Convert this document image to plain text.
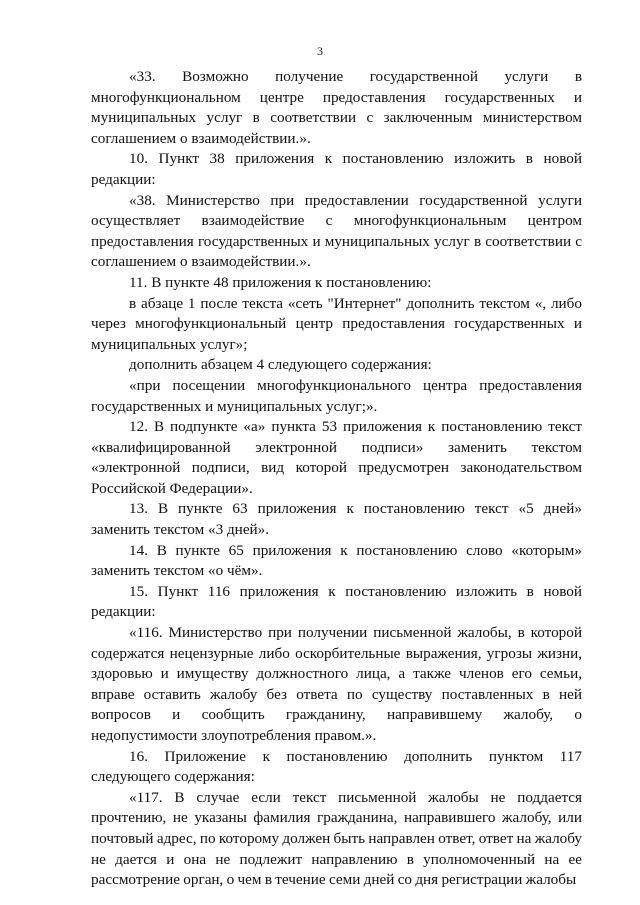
3

«33. Возможно получение государственной услуги в многофункциональном центре предоставления государственных и муниципальных услуг в соответствии с заключенным министерством соглашением о взаимодействии.».

10. Пункт 38 приложения к постановлению изложить в новой редакции:

«38. Министерство при предоставлении государственной услуги осуществляет взаимодействие с многофункциональным центром предоставления государственных и муниципальных услуг в соответствии с соглашением о взаимодействии.».

11. В пункте 48 приложения к постановлению:

в абзаце 1 после текста «сеть "Интернет" дополнить текстом «, либо через многофункциональный центр предоставления государственных и муниципальных услуг»;

дополнить абзацем 4 следующего содержания:

«при посещении многофункционального центра предоставления государственных и муниципальных услуг;».

12. В подпункте «а» пункта 53 приложения к постановлению текст «квалифицированной электронной подписи» заменить текстом «электронной подписи, вид которой предусмотрен законодательством Российской Федерации».

13. В пункте 63 приложения к постановлению текст «5 дней» заменить текстом «3 дней».

14. В пункте 65 приложения к постановлению слово «которым» заменить текстом «о чём».

15. Пункт 116 приложения к постановлению изложить в новой редакции:

«116. Министерство при получении письменной жалобы, в которой содержатся нецензурные либо оскорбительные выражения, угрозы жизни, здоровью и имуществу должностного лица, а также членов его семьи, вправе оставить жалобу без ответа по существу поставленных в ней вопросов и сообщить гражданину, направившему жалобу, о недопустимости злоупотребления правом.».

16. Приложение к постановлению дополнить пунктом 117 следующего содержания:

«117. В случае если текст письменной жалобы не поддается прочтению, не указаны фамилия гражданина, направившего жалобу, или почтовый адрес, по которому должен быть направлен ответ, ответ на жалобу не дается и она не подлежит направлению в уполномоченный на ее рассмотрение орган, о чем в течение семи дней со дня регистрации жалобы
